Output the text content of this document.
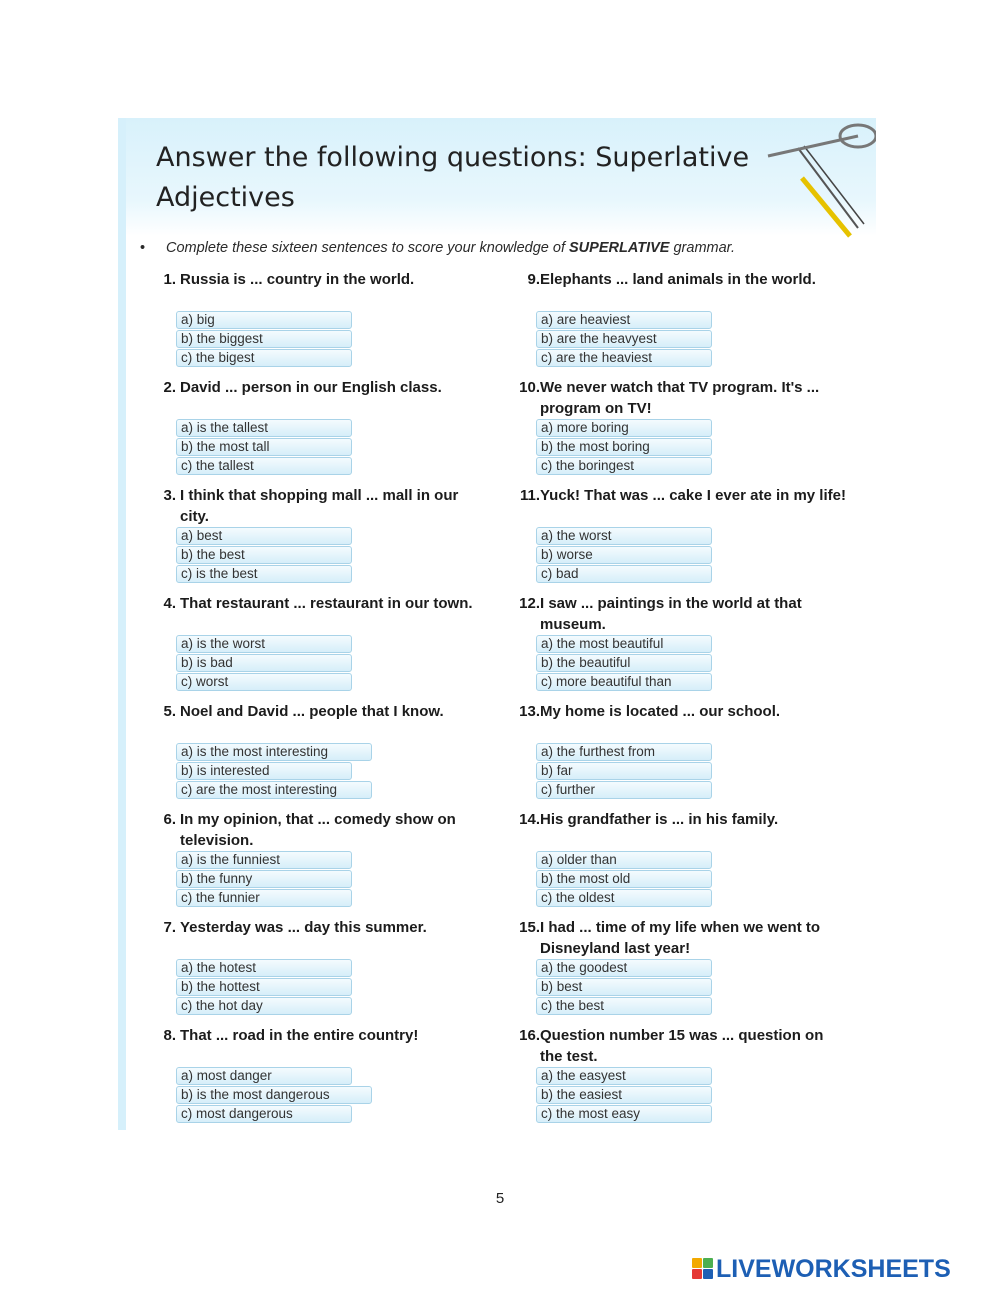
Answer the following questions: Superlative Adjectives
• Complete these sixteen sentences to score your knowledge of SUPERLATIVE grammar.
1. Russia is ... country in the world.
a) big
b) the biggest
c) the bigest
2. David ... person in our English class.
a) is the tallest
b) the most tall
c) the tallest
3. I think that shopping mall ... mall in our city.
a) best
b) the best
c) is the best
4. That restaurant ... restaurant in our town.
a) is the worst
b) is bad
c) worst
5. Noel and David ... people that I know.
a) is the most interesting
b) is interested
c) are the most interesting
6. In my opinion, that ... comedy show on television.
a) is the funniest
b) the funny
c) the funnier
7. Yesterday was ... day this summer.
a) the hotest
b) the hottest
c) the hot day
8. That ... road in the entire country!
a) most danger
b) is the most dangerous
c) most dangerous
9. Elephants ... land animals in the world.
a) are heaviest
b) are the heavyest
c) are the heaviest
10. We never watch that TV program. It's ... program on TV!
a) more boring
b) the most boring
c) the boringest
11. Yuck! That was ... cake I ever ate in my life!
a) the worst
b) worse
c) bad
12. I saw ... paintings in the world at that museum.
a) the most beautiful
b) the beautiful
c) more beautiful than
13. My home is located ... our school.
a) the furthest from
b) far
c) further
14. His grandfather is ... in his family.
a) older than
b) the most old
c) the oldest
15. I had ... time of my life when we went to Disneyland last year!
a) the goodest
b) best
c) the best
16. Question number 15 was ... question on the test.
a) the easyest
b) the easiest
c) the most easy
5
LIVEWORKSHEETS
